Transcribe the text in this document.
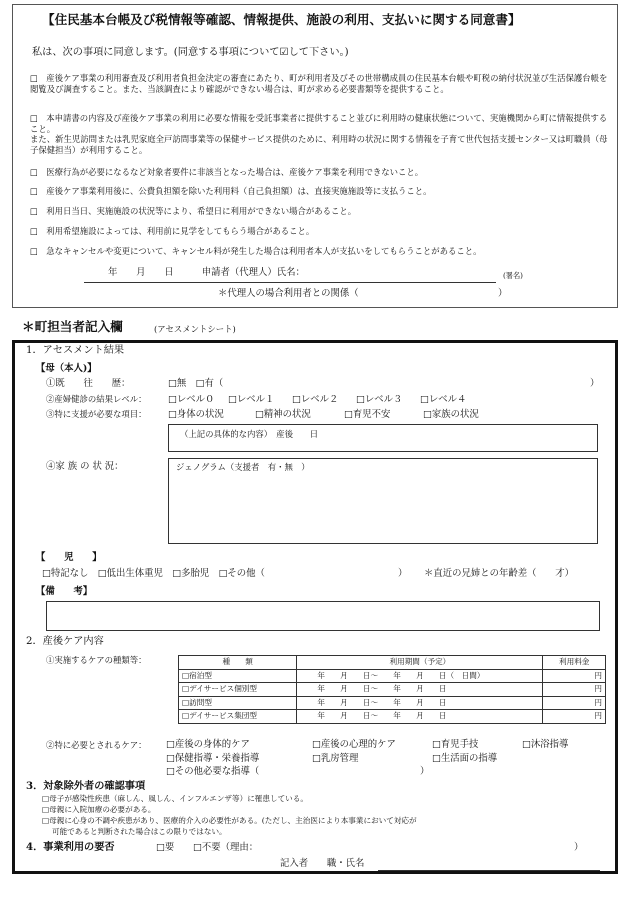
【住民基本台帳及び税情報等確認、情報提供、施設の利用、支払いに関する同意書】
私は、次の事項に同意します。(同意する事項について☑して下さい。)
□　産後ケア事業の利用審査及び利用者負担金決定の審査にあたり、町が利用者及びその世帯構成員の住民基本台帳や町税の納付状況並び生活保護台帳を閲覧及び調査すること。また、当該調査により確認ができない場合は、町が求める必要書類等を提供すること。
□　本申請書の内容及び産後ケア事業の利用に必要な情報を受託事業者に提供すること並びに利用時の健康状態について、実施機関から町に情報提供すること。
また、新生児訪問または乳児家庭全戸訪問事業等の保健サービス提供のために、利用時の状況に関する情報を子育て世代包括支援センター又は町職員（母子保健担当）が利用すること。
□　医療行為が必要になるなど対象者要件に非該当となった場合は、産後ケア事業を利用できないこと。
□　産後ケア事業利用後に、公費負担額を除いた利用料（自己負担額）は、直接実施施設等に支払うこと。
□　利用日当日、実施施設の状況等により、希望日に利用ができない場合があること。
□　利用希望施設によっては、利用前に見学をしてもらう場合があること。
□　急なキャンセルや変更について、キャンセル料が発生した場合は利用者本人が支払いをしてもらうことがあること。
年　　月　　日　　　申請者（代理人）氏名：	(署名)
＊代理人の場合利用者との関係（	）
＊町担当者記入欄	(アセスメントシート)
1．アセスメント結果
【母（本人)】
①既　　往　　歴：	□無　□有（	）
②産婦健診の結果レベル： □レベル０ □レベル１ □レベル２ □レベル３ □レベル４
③特に支援が必要な項目： □身体の状況	□精神の状況	□育児不安	□家族の状況
（上記の具体的な内容）　産後　　日
④家 族 の 状 況：	ジェノグラム（支援者　有・無　）
【　　児　　】
□特記なし　□低出生体重児　□多胎児　□その他（	） ＊直近の兄姉との年齢差（　　才）
【備　　考】
2．産後ケア内容
①実施するケアの種類等：	種　　類	利用期間（予定）	利用料金
□宿泊型	年　　月　　日〜　　年　　月　　日（　日間）	円
□デイサービス個別型	年　　月　　日〜　　年　　月　　日	円
□訪問型	年　　月　　日〜　　年　　月　　日	円
□デイサービス集団型	年　　月　　日〜　　年　　月　　日	円
②特に必要とされるケア： □産後の身体的ケア	□産後の心理的ケア	□育児手技	□沐浴指導
□保健指導・栄養指導	□乳房管理	□生活面の指導
□その他必要な指導（	）
3．対象除外者の確認事項
□母子が感染性疾患（麻しん、風しん、インフルエンザ等）に罹患している。
□母親に入院加療の必要がある。
□母親に心身の不調や疾患があり、医療的介入の必要性がある。(ただし、主治医により本事業において対応が
可能であると判断された場合はこの限りではない。
4．事業利用の要否	□要　　□不要（理由：	）
記入者　　職・氏名
